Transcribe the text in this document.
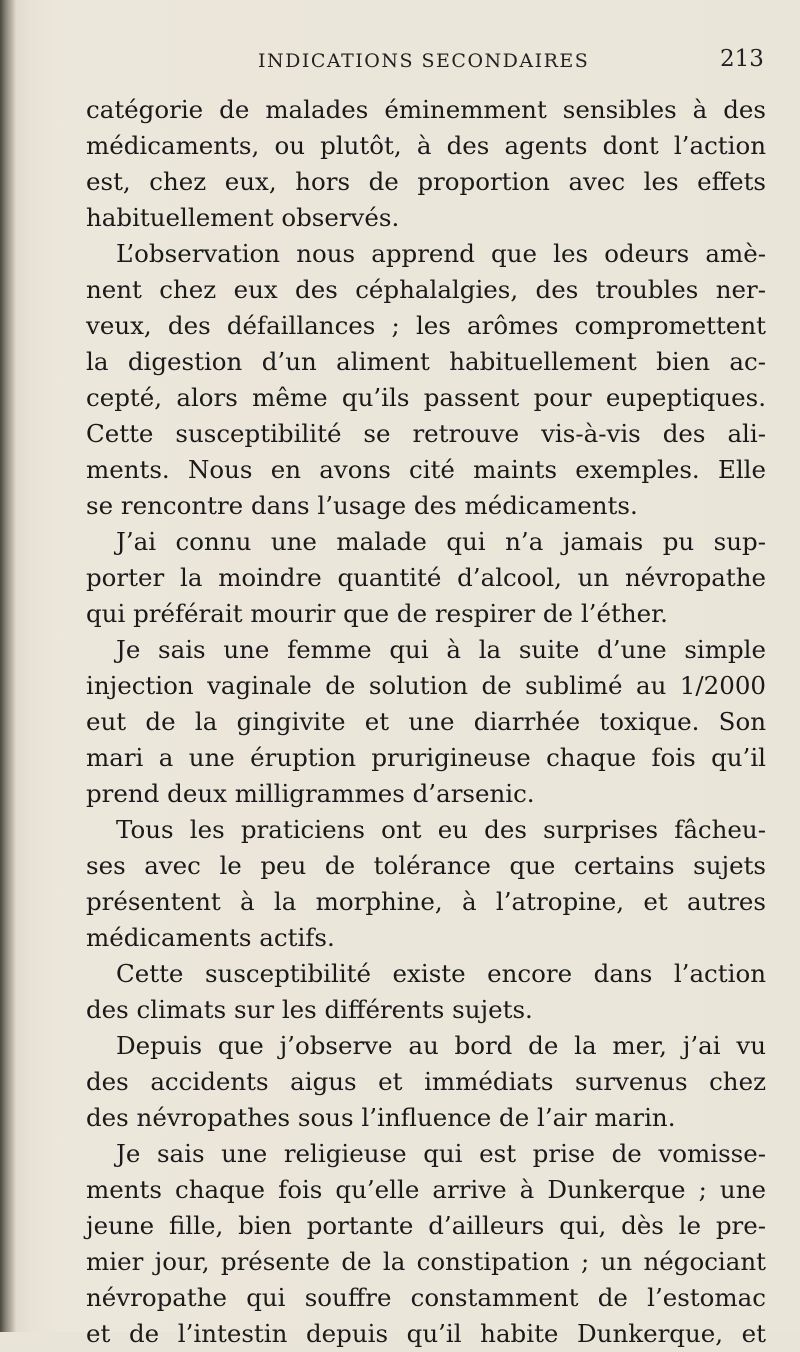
INDICATIONS SECONDAIRES	213
catégorie de malades éminemment sensibles à des
médicaments, ou plutôt, à des agents dont l’action
est, chez eux, hors de proportion avec les effets
habituellement observés.
L’observation nous apprend que les odeurs amè-
nent chez eux des céphalalgies, des troubles ner-
veux, des défaillances ; les arômes compromettent
la digestion d’un aliment habituellement bien ac-
cepté, alors même qu’ils passent pour eupeptiques.
Cette susceptibilité se retrouve vis-à-vis des ali-
ments. Nous en avons cité maints exemples. Elle
se rencontre dans l’usage des médicaments.
J’ai connu une malade qui n’a jamais pu sup-
porter la moindre quantité d’alcool, un névropathe
qui préférait mourir que de respirer de l’éther.
Je sais une femme qui à la suite d’une simple
injection vaginale de solution de sublimé au 1/2000
eut de la gingivite et une diarrhée toxique. Son
mari a une éruption prurigineuse chaque fois qu’il
prend deux milligrammes d’arsenic.
Tous les praticiens ont eu des surprises fâcheu-
ses avec le peu de tolérance que certains sujets
présentent à la morphine, à l’atropine, et autres
médicaments actifs.
Cette susceptibilité existe encore dans l’action
des climats sur les différents sujets.
Depuis que j’observe au bord de la mer, j’ai vu
des accidents aigus et immédiats survenus chez
des névropathes sous l’influence de l’air marin.
Je sais une religieuse qui est prise de vomisse-
ments chaque fois qu’elle arrive à Dunkerque ; une
jeune fille, bien portante d’ailleurs qui, dès le pre-
mier jour, présente de la constipation ; un négociant
névropathe qui souffre constamment de l’estomac
et de l’intestin depuis qu’il habite Dunkerque, et
